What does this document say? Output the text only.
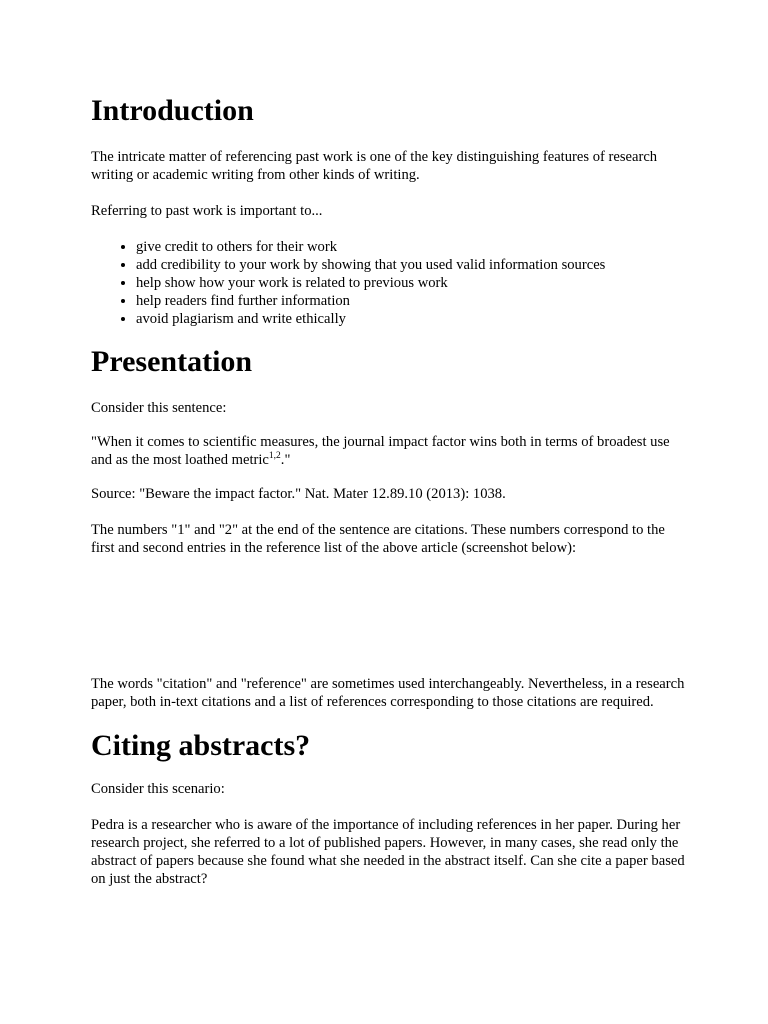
Introduction

The intricate matter of referencing past work is one of the key distinguishing features of research writing or academic writing from other kinds of writing.

Referring to past work is important to...

• give credit to others for their work
• add credibility to your work by showing that you used valid information sources
• help show how your work is related to previous work
• help readers find further information
• avoid plagiarism and write ethically
Presentation

Consider this sentence:

"When it comes to scientific measures, the journal impact factor wins both in terms of broadest use and as the most loathed metric$^{1,2}$."

Source: "Beware the impact factor." Nat. Mater 12.89.10 (2013): 1038.

The numbers "1" and "2" at the end of the sentence are citations. These numbers correspond to the first and second entries in the reference list of the above article (screenshot below):

The words "citation" and "reference" are sometimes used interchangeably. Nevertheless, in a research paper, both in-text citations and a list of references corresponding to those citations are required.

Citing abstracts?

Consider this scenario:

Pedra is a researcher who is aware of the importance of including references in her paper. During her research project, she referred to a lot of published papers. However, in many cases, she read only the abstract of papers because she found what she needed in the abstract itself. Can she cite a paper based on just the abstract?
